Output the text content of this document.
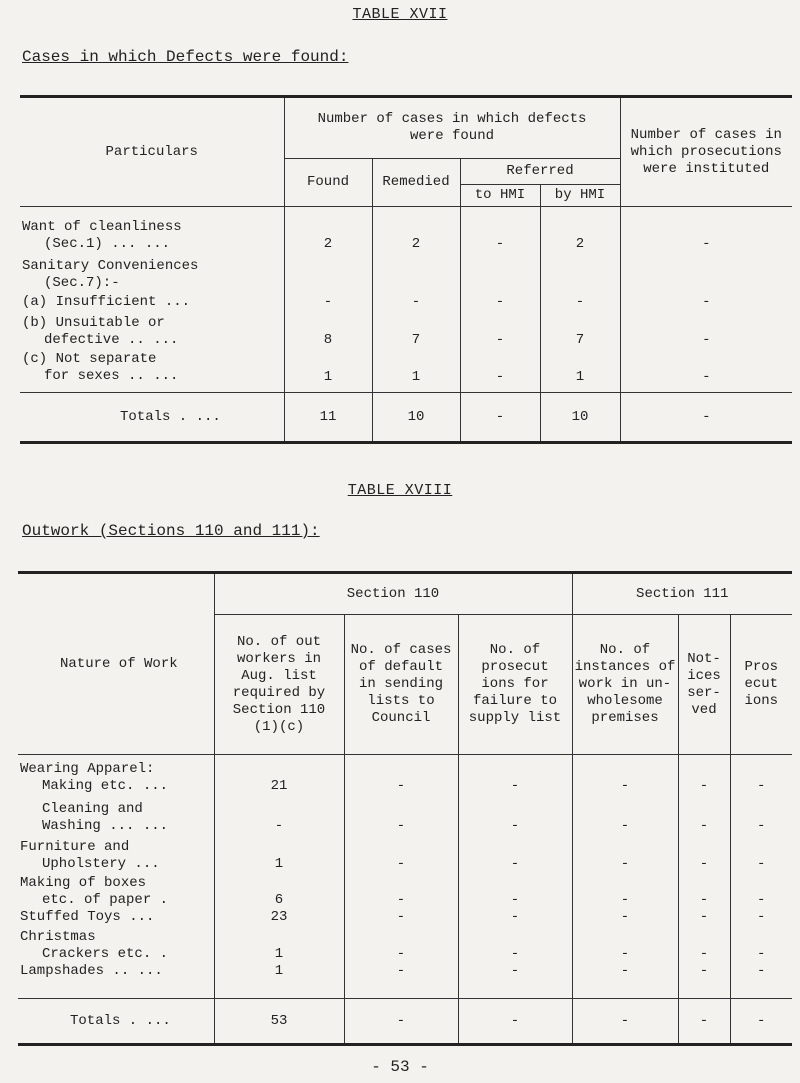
TABLE XVII
Cases in which Defects were found:
Particulars	Number of cases in which defects were found				Number of cases in which prosecutions were instituted
	Found	Remedied	Referred		
			to HMI	by HMI	

Want of cleanliness
(Sec.1) ... ...	2	2	-	2	-

Sanitary Conveniences
(Sec.7):-					

(a) Insufficient ...	-	-	-	-	-

(b) Unsuitable or
defective .. ...	8	7	-	7	-

(c) Not separate
for sexes .. ...	1	1	-	1	-
Totals . ...	11	10	-	10	-
TABLE XVIII
Outwork (Sections 110 and 111):
Nature of Work	Section 110			Section 111		
	No. of out workers in Aug. list required by Section 110 (1)(c)	No. of cases of default in sending lists to Council	No. of prosecut ions for failure to supply list	No. of instances of work in un- wholesome premises	Not- ices ser- ved	Pros ecut ions

Wearing Apparel:
Making etc. ...	21	-	-	-	-	-

Cleaning and
Washing ... ...	-	-	-	-	-	-

Furniture and
Upholstery ...	1	-	-	-	-	-

Making of boxes
etc. of paper .	6	-	-	-	-	-
Stuffed Toys ...	23	-	-	-	-	-

Christmas
Crackers etc. .	1	-	-	-	-	-
Lampshades .. ...	1	-	-	-	-	-
Totals . ...	53	-	-	-	-	-
- 53 -
